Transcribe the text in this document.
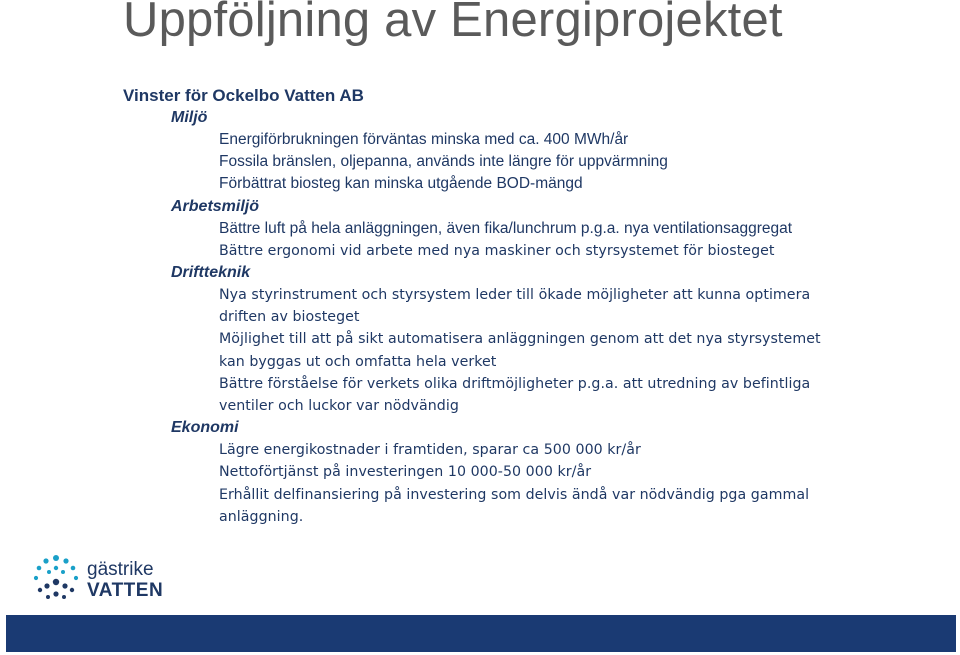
Uppföljning av Energiprojektet
Vinster för Ockelbo Vatten AB
Miljö
Energiförbrukningen förväntas minska med ca. 400 MWh/år
Fossila bränslen, oljepanna, används inte längre för uppvärmning
Förbättrat biosteg kan minska utgående BOD-mängd
Arbetsmiljö
Bättre luft på hela anläggningen, även fika/lunchrum p.g.a. nya ventilationsaggregat
Bättre ergonomi vid arbete med nya maskiner och styrsystemet för biosteget
Driftteknik
Nya styrinstrument och styrsystem leder till ökade möjligheter att kunna optimera driften av biosteget
Möjlighet till att på sikt automatisera anläggningen genom att det nya styrsystemet kan byggas ut och omfatta hela verket
Bättre förståelse för verkets olika driftmöjligheter p.g.a. att utredning av befintliga ventiler och luckor var nödvändig
Ekonomi
Lägre energikostnader i framtiden, sparar ca 500 000 kr/år
Nettoförtjänst på investeringen 10 000-50 000 kr/år
Erhållit delfinansiering på investering som delvis ändå var nödvändig pga gammal anläggning.
gästrike
VATTEN
